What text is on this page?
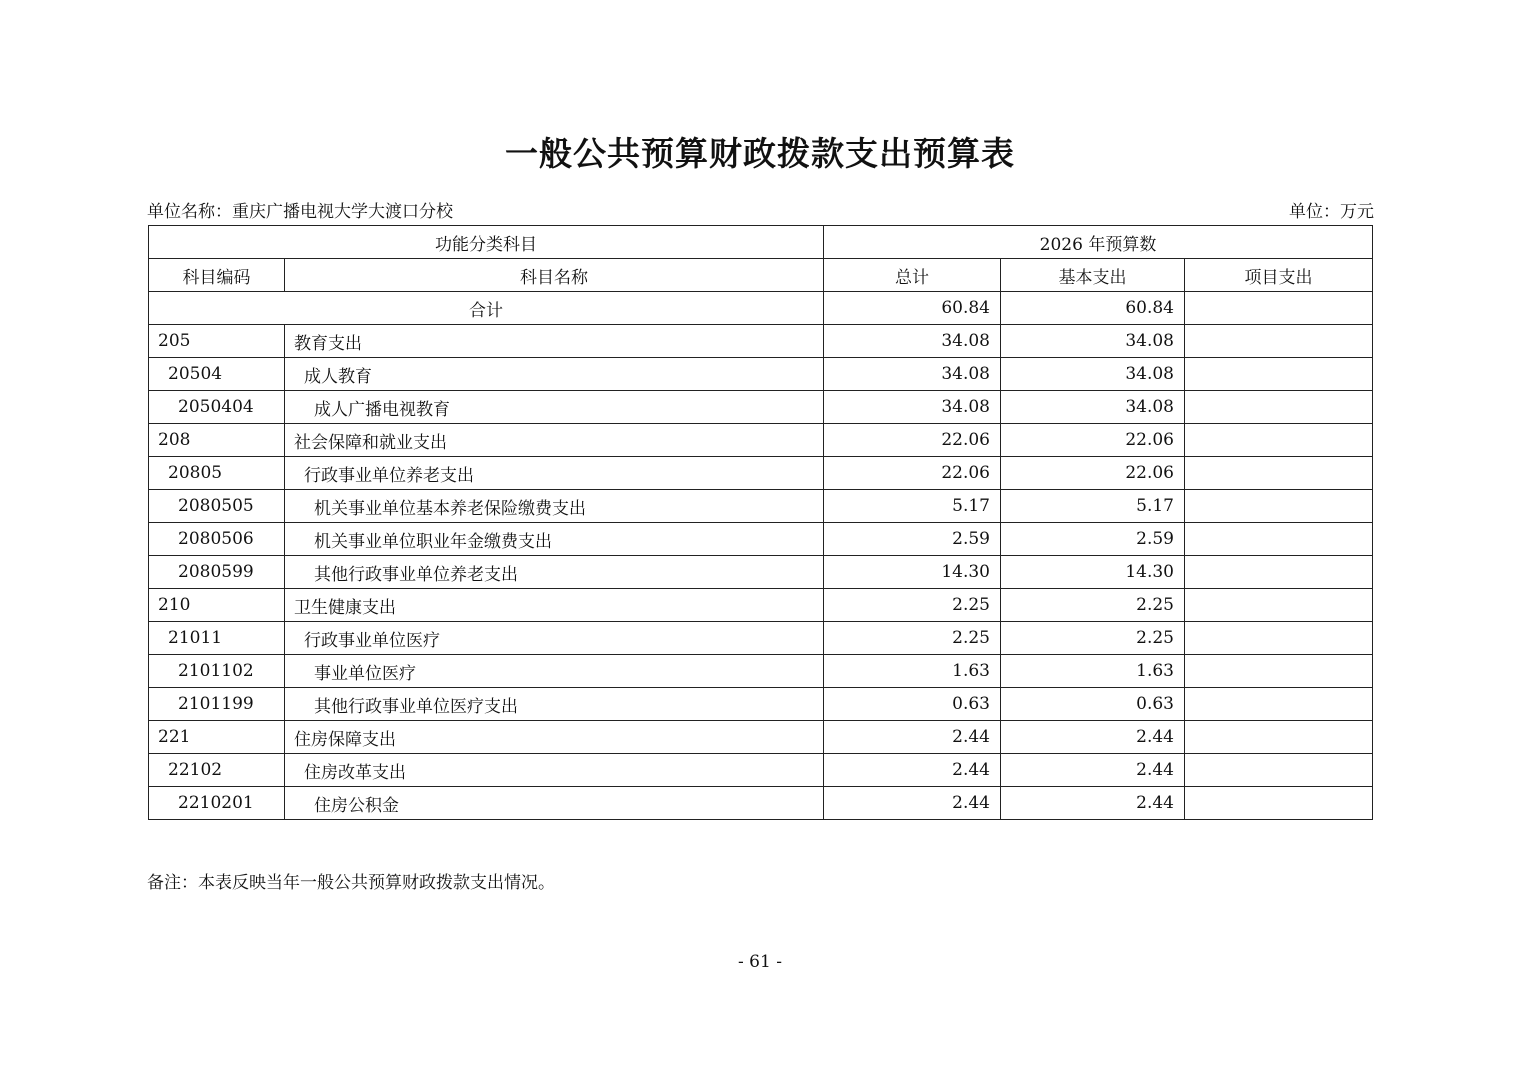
一般公共预算财政拨款支出预算表
单位名称：重庆广播电视大学大渡口分校	单位：万元
功能分类科目		2026 年预算数		
科目编码	科目名称	总计	基本支出	项目支出
合计		60.84	60.84	
205	教育支出	34.08	34.08	
20504	成人教育	34.08	34.08	
2050404	成人广播电视教育	34.08	34.08	
208	社会保障和就业支出	22.06	22.06	
20805	行政事业单位养老支出	22.06	22.06	
2080505	机关事业单位基本养老保险缴费支出	5.17	5.17	
2080506	机关事业单位职业年金缴费支出	2.59	2.59	
2080599	其他行政事业单位养老支出	14.30	14.30	
210	卫生健康支出	2.25	2.25	
21011	行政事业单位医疗	2.25	2.25	
2101102	事业单位医疗	1.63	1.63	
2101199	其他行政事业单位医疗支出	0.63	0.63	
221	住房保障支出	2.44	2.44	
22102	住房改革支出	2.44	2.44	
2210201	住房公积金	2.44	2.44	
备注：本表反映当年一般公共预算财政拨款支出情况。
- 61 -
